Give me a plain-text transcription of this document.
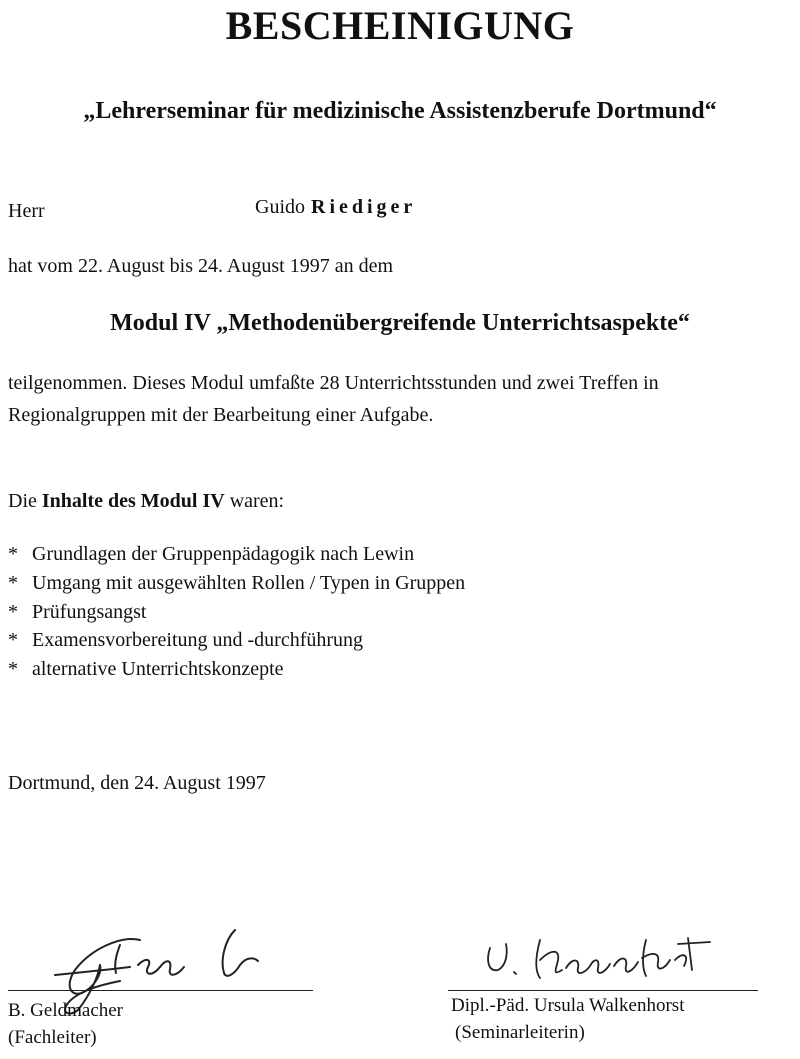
BESCHEINIGUNG
„Lehrerseminar für medizinische Assistenzberufe Dortmund“
Herr	Guido Riediger
hat vom 22. August bis 24. August 1997 an dem
Modul IV „Methodenübergreifende Unterrichtsaspekte“
teilgenommen. Dieses Modul umfaßte 28 Unterrichtsstunden und zwei Treffen in
Regionalgruppen mit der Bearbeitung einer Aufgabe.
Die Inhalte des Modul IV waren:
* Grundlagen der Gruppenpädagogik nach Lewin
* Umgang mit ausgewählten Rollen / Typen in Gruppen
* Prüfungsangst
* Examensvorbereitung und -durchführung
* alternative Unterrichtskonzepte
Dortmund, den 24. August 1997
B. Geldmacher
(Fachleiter)
Dipl.-Päd. Ursula Walkenhorst
(Seminarleiterin)
